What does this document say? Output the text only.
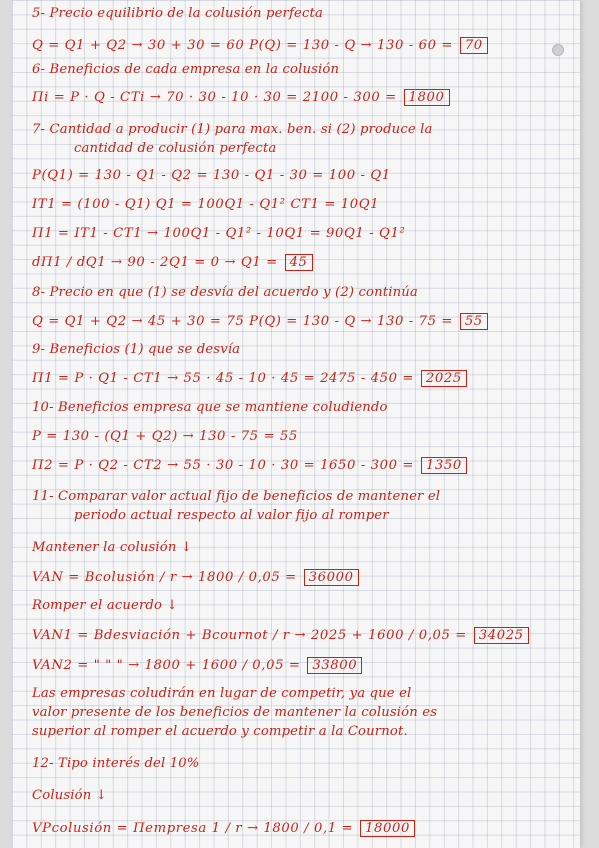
5- Precio equilibrio de la colusión perfecta
Q = Q1 + Q2 → 30 + 30 = 60 P(Q) = 130 - Q → 130 - 60 = 70
6- Beneficios de cada empresa en la colusión
Πi = P · Q - CTi → 70 · 30 - 10 · 30 = 2100 - 300 = 1800
7- Cantidad a producir (1) para max. ben. si (2) produce la
cantidad de colusión perfecta
P(Q1) = 130 - Q1 - Q2 = 130 - Q1 - 30 = 100 - Q1
IT1 = (100 - Q1) Q1 = 100Q1 - Q1² CT1 = 10Q1
Π1 = IT1 - CT1 → 100Q1 - Q1² - 10Q1 = 90Q1 - Q1²
dΠ1 / dQ1 → 90 - 2Q1 = 0 → Q1 = 45
8- Precio en que (1) se desvía del acuerdo y (2) continúa
Q = Q1 + Q2 → 45 + 30 = 75 P(Q) = 130 - Q → 130 - 75 = 55
9- Beneficios (1) que se desvía
Π1 = P · Q1 - CT1 → 55 · 45 - 10 · 45 = 2475 - 450 = 2025
10- Beneficios empresa que se mantiene coludiendo
P = 130 - (Q1 + Q2) → 130 - 75 = 55
Π2 = P · Q2 - CT2 → 55 · 30 - 10 · 30 = 1650 - 300 = 1350
11- Comparar valor actual fijo de beneficios de mantener el
periodo actual respecto al valor fijo al romper
Mantener la colusión ↓
VAN = Bcolusión / r → 1800 / 0,05 = 36000
Romper el acuerdo ↓
VAN1 = Bdesviación + Bcournot / r → 2025 + 1600 / 0,05 = 34025
VAN2 = " " " → 1800 + 1600 / 0,05 = 33800
Las empresas coludirán en lugar de competir, ya que el
valor presente de los beneficios de mantener la colusión es
superior al romper el acuerdo y competir a la Cournot.
12- Tipo interés del 10%
Colusión ↓
VPcolusión = Πempresa 1 / r → 1800 / 0,1 = 18000
